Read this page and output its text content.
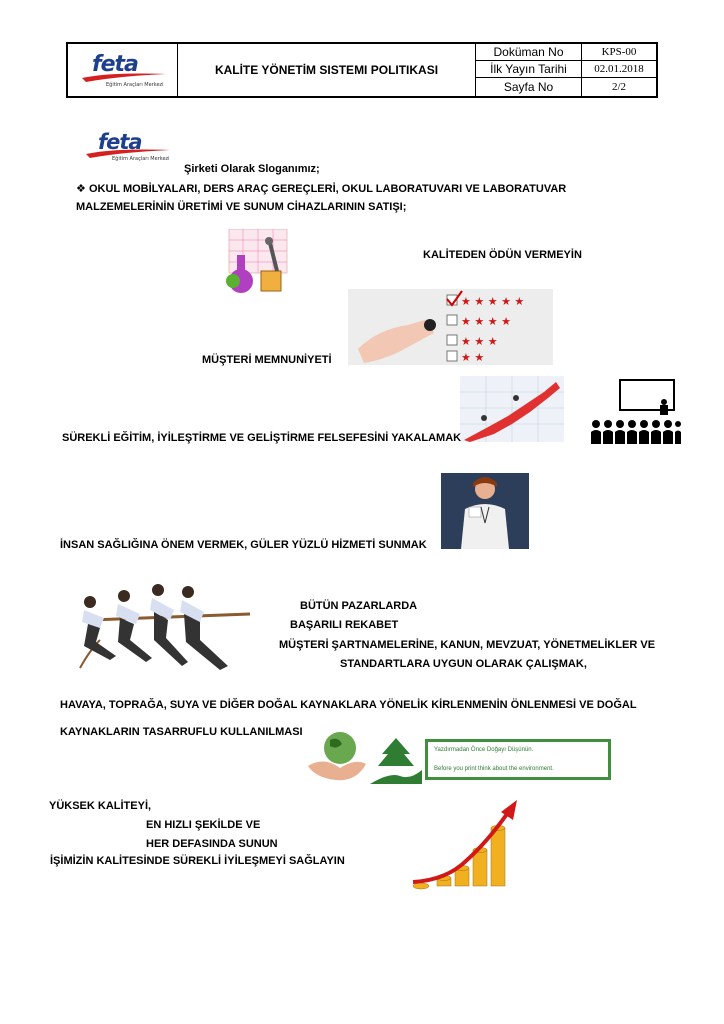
feta
Eğitim Araçları Merkezi
KALİTE YÖNETİM SISTEMI POLITIKASI
Doküman No	KPS-00
İlk Yayın Tarihi	02.01.2018
Sayfa No	2/2
feta
Eğitim Araçları Merkezi
Şirketi Olarak Sloganımız;
❖ OKUL MOBİLYALARI, DERS ARAÇ GEREÇLERİ, OKUL LABORATUVARI VE LABORATUVAR
MALZEMELERİNİN ÜRETİMİ VE SUNUM CİHAZLARININ SATIŞI;
KALİTEDEN ÖDÜN VERMEYİN
★ ★ ★ ★ ★
★ ★ ★ ★
★ ★ ★
★ ★
MÜŞTERİ MEMNUNİYETİ
SÜREKLİ EĞİTİM, İYİLEŞTİRME VE GELİŞTİRME FELSEFESİNİ YAKALAMAK
İNSAN SAĞLIĞINA ÖNEM VERMEK, GÜLER YÜZLÜ HİZMETİ SUNMAK
BÜTÜN PAZARLARDA
BAŞARILI REKABET
MÜŞTERİ ŞARTNAMELERİNE, KANUN, MEVZUAT, YÖNETMELİKLER VE
STANDARTLARA UYGUN OLARAK ÇALIŞMAK,
HAVAYA, TOPRAĞA, SUYA VE DİĞER DOĞAL KAYNAKLARA YÖNELİK KİRLENMENİN ÖNLENMESİ VE DOĞAL
KAYNAKLARIN TASARRUFLU KULLANILMASI
Yazdırmadan Önce Doğayı Düşünün.
Before you print think about the environment.
YÜKSEK KALİTEYİ,
EN HIZLI ŞEKİLDE VE
HER DEFASINDA SUNUN
İŞİMİZİN KALİTESİNDE SÜREKLİ İYİLEŞMEYİ SAĞLAYIN
